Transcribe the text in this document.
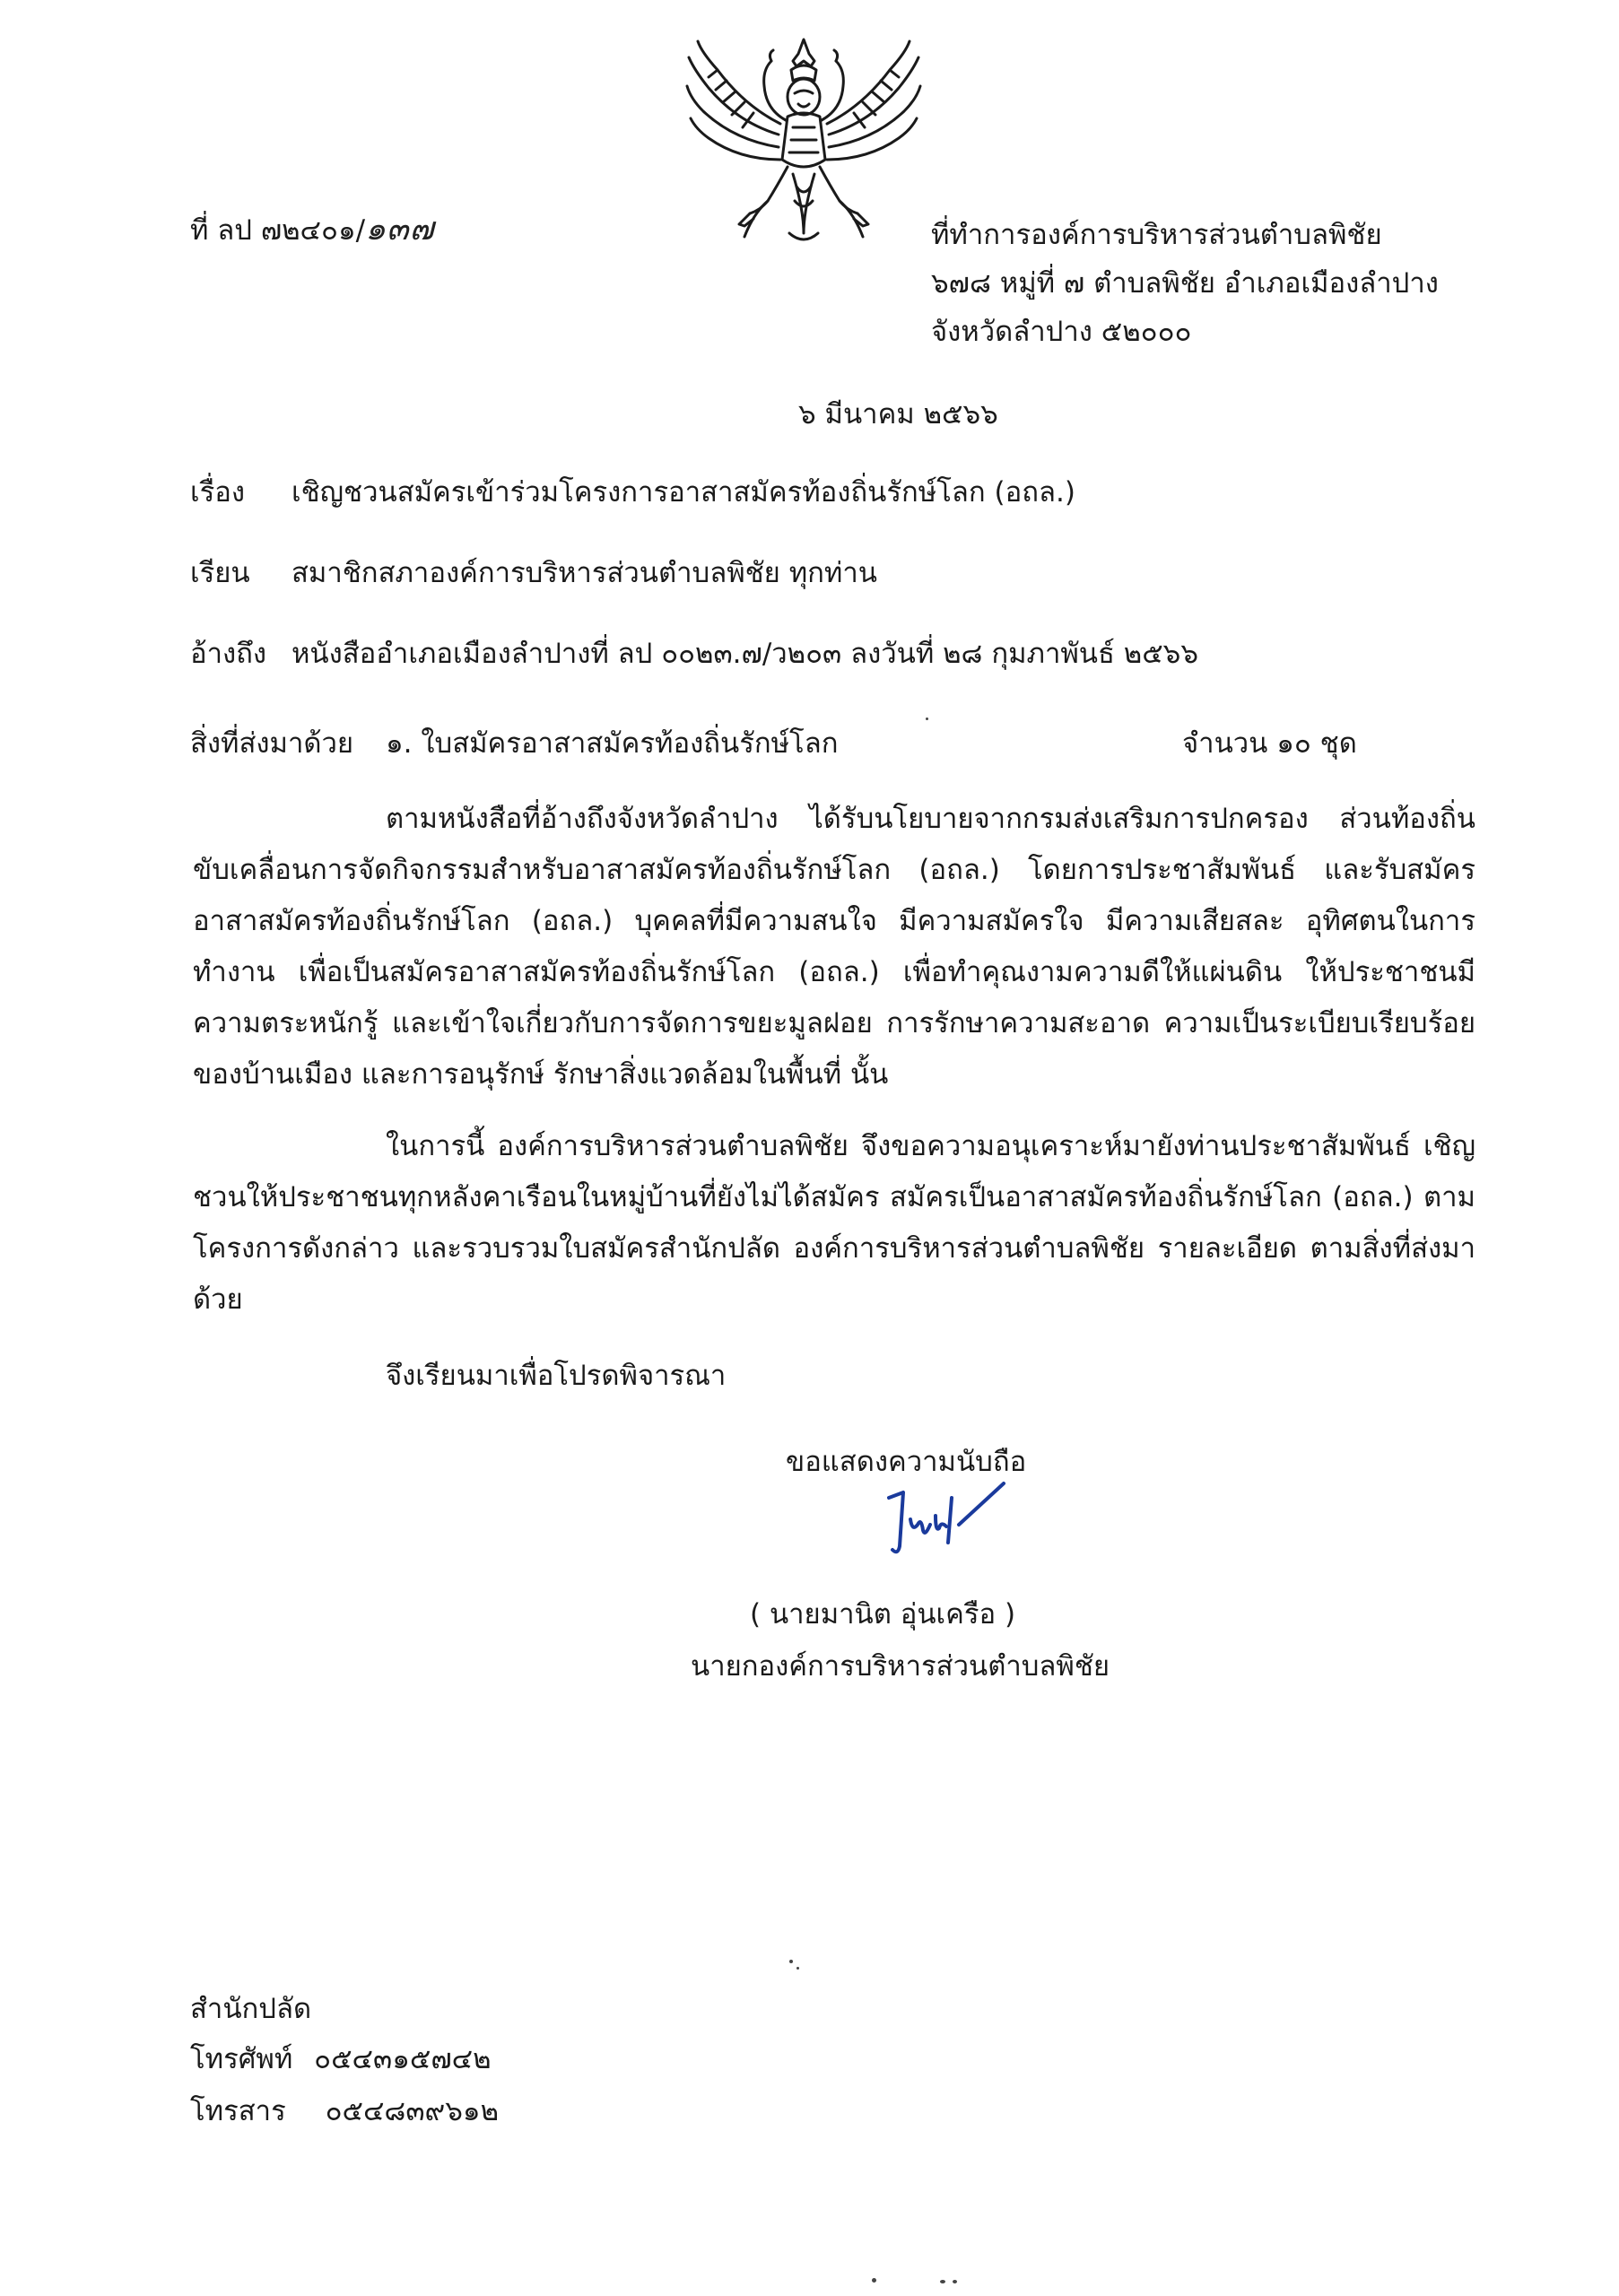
ที่ ลป ๗๒๔๐๑/๑๓๗	ที่ทำการองค์การบริหารส่วนตำบลพิชัย
๖๗๘ หมู่ที่ ๗ ตำบลพิชัย อำเภอเมืองลำปาง
จังหวัดลำปาง ๕๒๐๐๐
๖ มีนาคม ๒๕๖๖
เรื่อง เชิญชวนสมัครเข้าร่วมโครงการอาสาสมัครท้องถิ่นรักษ์โลก (อถล.)
เรียน สมาชิกสภาองค์การบริหารส่วนตำบลพิชัย ทุกท่าน
อ้างถึง หนังสืออำเภอเมืองลำปางที่ ลป ๐๐๒๓.๗/ว๒๐๓ ลงวันที่ ๒๘ กุมภาพันธ์ ๒๕๖๖
สิ่งที่ส่งมาด้วย ๑. ใบสมัครอาสาสมัครท้องถิ่นรักษ์โลก	จำนวน ๑๐ ชุด
ตามหนังสือที่อ้างถึงจังหวัดลำปาง ได้รับนโยบายจากกรมส่งเสริมการปกครอง ส่วนท้องถิ่น ขับเคลื่อนการจัดกิจกรรมสำหรับอาสาสมัครท้องถิ่นรักษ์โลก (อถล.) โดยการประชาสัมพันธ์ และรับสมัคร อาสาสมัครท้องถิ่นรักษ์โลก (อถล.) บุคคลที่มีความสนใจ มีความสมัครใจ มีความเสียสละ อุทิศตนในการทำงาน เพื่อเป็นสมัครอาสาสมัครท้องถิ่นรักษ์โลก (อถล.) เพื่อทำคุณงามความดีให้แผ่นดิน ให้ประชาชนมีความตระหนักรู้ และเข้าใจเกี่ยวกับการจัดการขยะมูลฝอย การรักษาความสะอาด ความเป็นระเบียบเรียบร้อย ของบ้านเมือง และการอนุรักษ์ รักษาสิ่งแวดล้อมในพื้นที่ นั้น
ในการนี้ องค์การบริหารส่วนตำบลพิชัย จึงขอความอนุเคราะห์มายังท่านประชาสัมพันธ์ เชิญชวนให้ประชาชนทุกหลังคาเรือนในหมู่บ้านที่ยังไม่ได้สมัคร สมัครเป็นอาสาสมัครท้องถิ่นรักษ์โลก (อถล.) ตามโครงการดังกล่าว และรวบรวมใบสมัครสำนักปลัด องค์การบริหารส่วนตำบลพิชัย รายละเอียด ตามสิ่งที่ส่งมาด้วย
จึงเรียนมาเพื่อโปรดพิจารณา
ขอแสดงความนับถือ
( นายมานิต อุ่นเครือ )
นายกองค์การบริหารส่วนตำบลพิชัย
สำนักปลัด
โทรศัพท์ ๐๕๔๓๑๕๗๔๒
โทรสาร ๐๕๔๘๓๙๖๑๒
